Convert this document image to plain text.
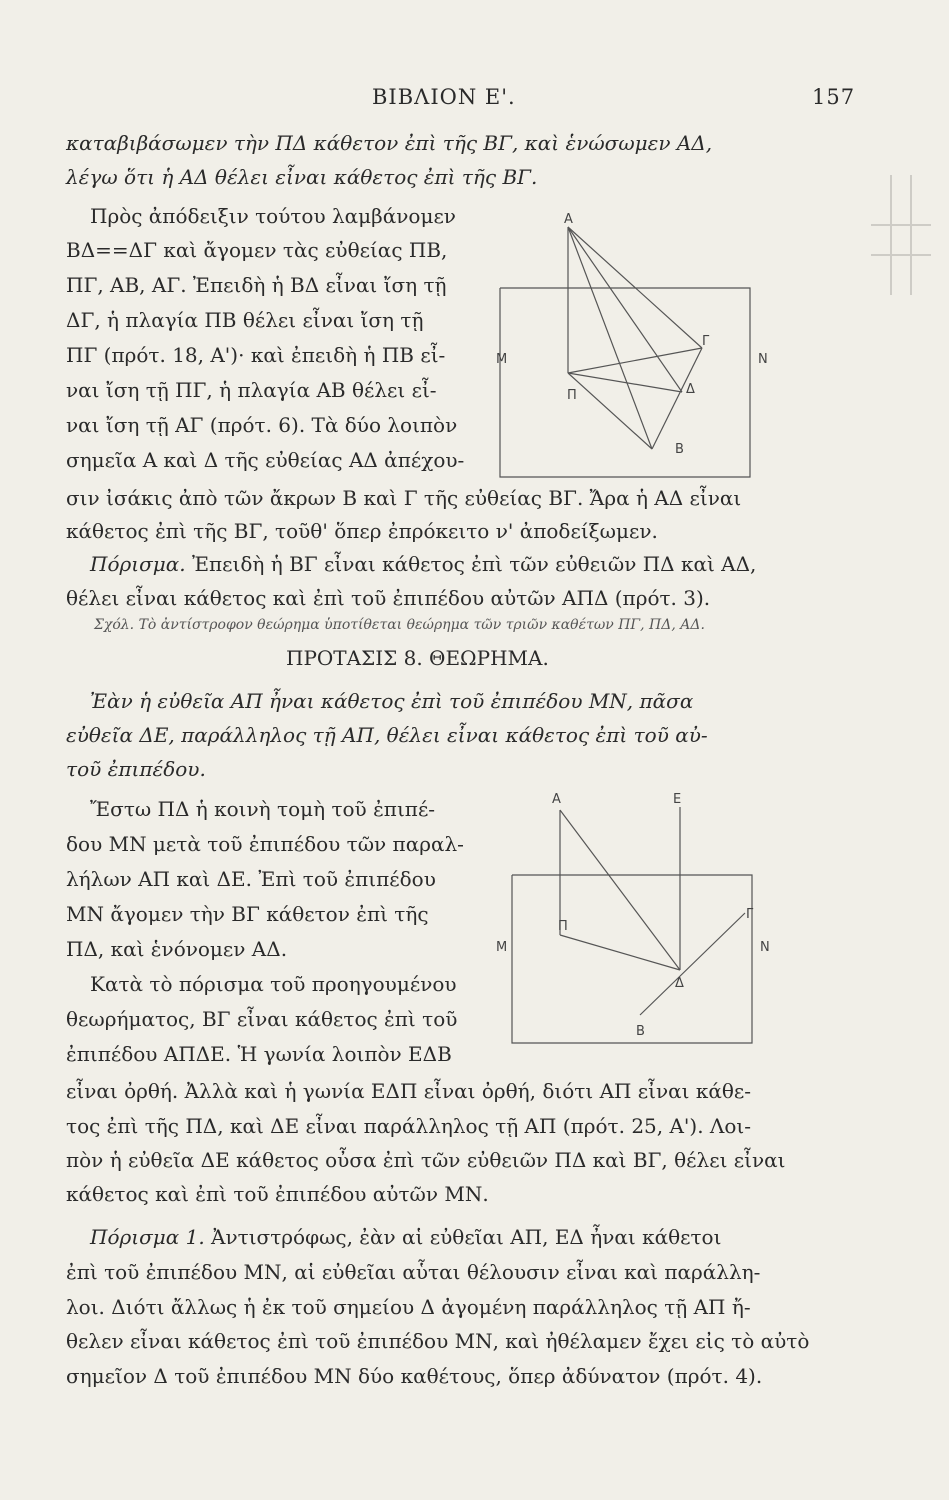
ΒΙΒΛΙΟΝ Ε'.	157
καταβιβάσωμεν τὴν ΠΔ κάθετον ἐπὶ τῆς ΒΓ, καὶ ἑνώσωμεν ΑΔ,
λέγω ὅτι ἡ ΑΔ θέλει εἶναι κάθετος ἐπὶ τῆς ΒΓ.
Πρὸς ἀπόδειξιν τούτου λαμβάνομεν
ΒΔ==ΔΓ καὶ ἄγομεν τὰς εὐθείας ΠΒ,
ΠΓ, ΑΒ, ΑΓ. Ἐπειδὴ ἡ ΒΔ εἶναι ἴση τῇ
ΔΓ, ἡ πλαγία ΠΒ θέλει εἶναι ἴση τῇ
ΠΓ (πρότ. 18, Α')· καὶ ἐπειδὴ ἡ ΠΒ εἶ-
ναι ἴση τῇ ΠΓ, ἡ πλαγία ΑΒ θέλει εἶ-
ναι ἴση τῇ ΑΓ (πρότ. 6). Τὰ δύο λοιπὸν
σημεῖα Α καὶ Δ τῆς εὐθείας ΑΔ ἀπέχου-
A
M	N
Π
Γ
Δ
B
σιν ἰσάκις ἀπὸ τῶν ἄκρων Β καὶ Γ τῆς εὐθείας ΒΓ. Ἄρα ἡ ΑΔ εἶναι
κάθετος ἐπὶ τῆς ΒΓ, τοῦθ' ὅπερ ἐπρόκειτο ν' ἀποδείξωμεν.
Πόρισμα. Ἐπειδὴ ἡ ΒΓ εἶναι κάθετος ἐπὶ τῶν εὐθειῶν ΠΔ καὶ ΑΔ,
θέλει εἶναι κάθετος καὶ ἐπὶ τοῦ ἐπιπέδου αὐτῶν ΑΠΔ (πρότ. 3).
Σχόλ. Τὸ ἀντίστροφον θεώρημα ὑποτίθεται θεώρημα τῶν τριῶν καθέτων ΠΓ, ΠΔ, ΑΔ.
ΠΡΟΤΑΣΙΣ 8. ΘΕΩΡΗΜΑ.
Ἐὰν ἡ εὐθεῖα ΑΠ ἦναι κάθετος ἐπὶ τοῦ ἐπιπέδου ΜΝ, πᾶσα
εὐθεῖα ΔΕ, παράλληλος τῇ ΑΠ, θέλει εἶναι κάθετος ἐπὶ τοῦ αὐ-
τοῦ ἐπιπέδου.
Ἔστω ΠΔ ἡ κοινὴ τομὴ τοῦ ἐπιπέ-
δου ΜΝ μετὰ τοῦ ἐπιπέδου τῶν παραλ-
λήλων ΑΠ καὶ ΔΕ. Ἐπὶ τοῦ ἐπιπέδου
ΜΝ ἄγομεν τὴν ΒΓ κάθετον ἐπὶ τῆς
ΠΔ, καὶ ἑνόνομεν ΑΔ.
Κατὰ τὸ πόρισμα τοῦ προηγουμένου
θεωρήματος, ΒΓ εἶναι κάθετος ἐπὶ τοῦ
ἐπιπέδου ΑΠΔΕ. Ἡ γωνία λοιπὸν ΕΔΒ
A	E
M	N
Π
Γ
Δ
B
εἶναι ὀρθή. Ἀλλὰ καὶ ἡ γωνία ΕΔΠ εἶναι ὀρθή, διότι ΑΠ εἶναι κάθε-
τος ἐπὶ τῆς ΠΔ, καὶ ΔΕ εἶναι παράλληλος τῇ ΑΠ (πρότ. 25, Α'). Λοι-
πὸν ἡ εὐθεῖα ΔΕ κάθετος οὖσα ἐπὶ τῶν εὐθειῶν ΠΔ καὶ ΒΓ, θέλει εἶναι
κάθετος καὶ ἐπὶ τοῦ ἐπιπέδου αὐτῶν ΜΝ.
Πόρισμα 1. Ἀντιστρόφως, ἐὰν αἱ εὐθεῖαι ΑΠ, ΕΔ ἦναι κάθετοι
ἐπὶ τοῦ ἐπιπέδου ΜΝ, αἱ εὐθεῖαι αὗται θέλουσιν εἶναι καὶ παράλλη-
λοι. Διότι ἄλλως ἡ ἐκ τοῦ σημείου Δ ἀγομένη παράλληλος τῇ ΑΠ ἤ-
θελεν εἶναι κάθετος ἐπὶ τοῦ ἐπιπέδου ΜΝ, καὶ ἠθέλαμεν ἔχει εἰς τὸ αὐτὸ
σημεῖον Δ τοῦ ἐπιπέδου ΜΝ δύο καθέτους, ὅπερ ἀδύνατον (πρότ. 4).
